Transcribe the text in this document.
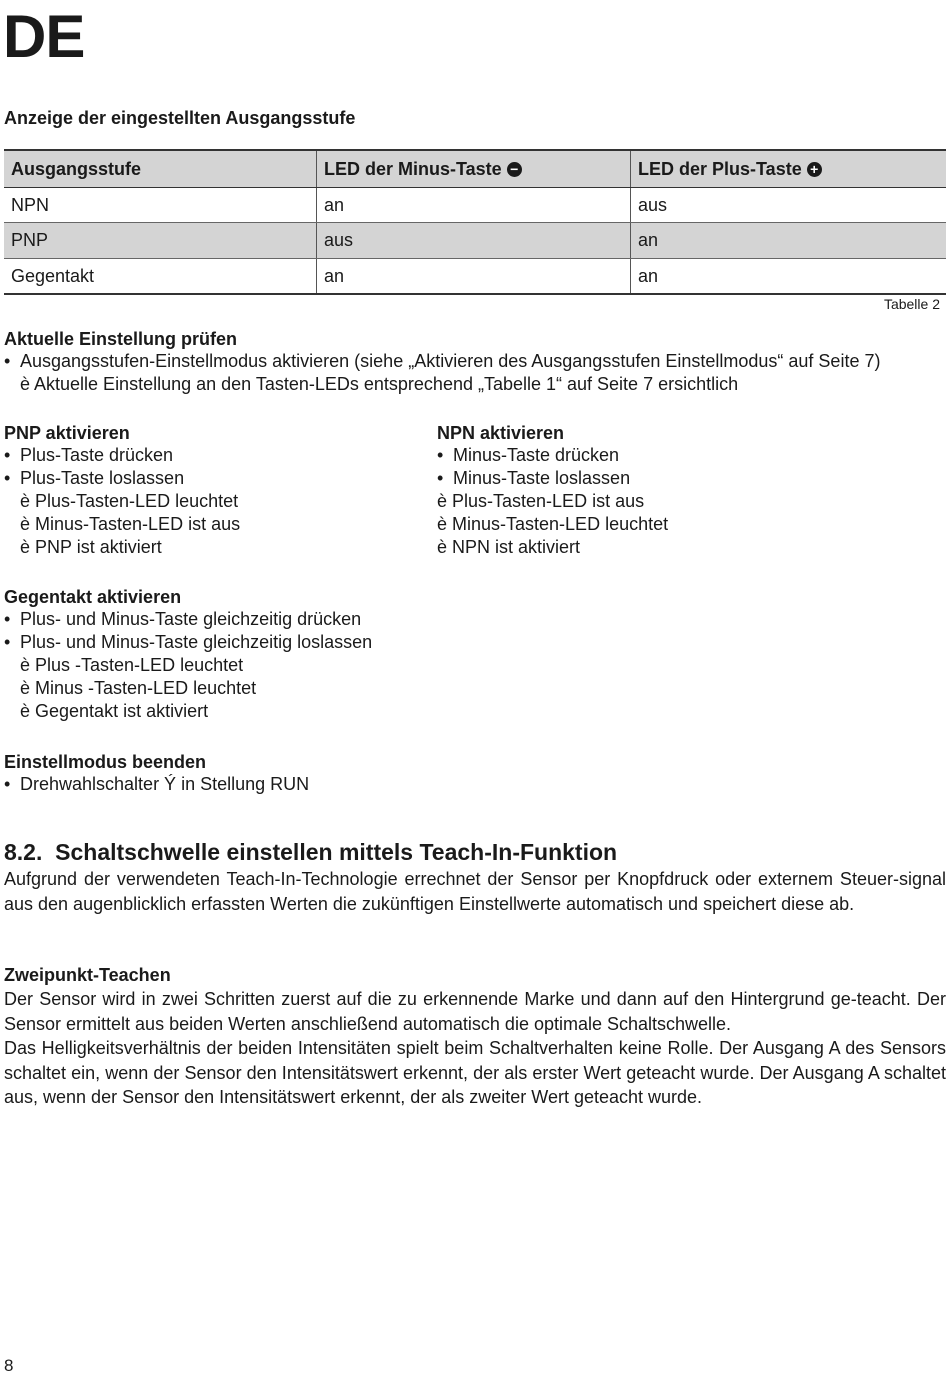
DE
Anzeige der eingestellten Ausgangsstufe
Ausgangsstufe	LED der Minus-Taste −	LED der Plus-Taste +
NPN	an	aus
PNP	aus	an
Gegentakt	an	an
Tabelle 2
Aktuelle Einstellung prüfen
• Ausgangsstufen-Einstellmodus aktivieren (siehe „Aktivieren des Ausgangsstufen Einstellmodus“ auf Seite 7)
è Aktuelle Einstellung an den Tasten-LEDs entsprechend „Tabelle 1“ auf Seite 7 ersichtlich
PNP aktivieren
• Plus-Taste drücken
• Plus-Taste loslassen
è Plus-Tasten-LED leuchtet
è Minus-Tasten-LED ist aus
è PNP ist aktiviert
NPN aktivieren
• Minus-Taste drücken
• Minus-Taste loslassen
è Plus-Tasten-LED ist aus
è Minus-Tasten-LED leuchtet
è NPN ist aktiviert
Gegentakt aktivieren
• Plus- und Minus-Taste gleichzeitig drücken
• Plus- und Minus-Taste gleichzeitig loslassen
è Plus -Tasten-LED leuchtet
è Minus -Tasten-LED leuchtet
è Gegentakt ist aktiviert
Einstellmodus beenden
• Drehwahlschalter Ý in Stellung RUN
8.2. Schaltschwelle einstellen mittels Teach-In-Funktion
Aufgrund der verwendeten Teach-In-Technologie errechnet der Sensor per Knopfdruck oder externem Steuer-signal aus den augenblicklich erfassten Werten die zukünftigen Einstellwerte automatisch und speichert diese ab.
Zweipunkt-Teachen
Der Sensor wird in zwei Schritten zuerst auf die zu erkennende Marke und dann auf den Hintergrund ge-teacht. Der Sensor ermittelt aus beiden Werten anschließend automatisch die optimale Schaltschwelle.
Das Helligkeitsverhältnis der beiden Intensitäten spielt beim Schaltverhalten keine Rolle. Der Ausgang A des Sensors schaltet ein, wenn der Sensor den Intensitätswert erkennt, der als erster Wert geteacht wurde. Der Ausgang A schaltet aus, wenn der Sensor den Intensitätswert erkennt, der als zweiter Wert geteacht wurde.
8
